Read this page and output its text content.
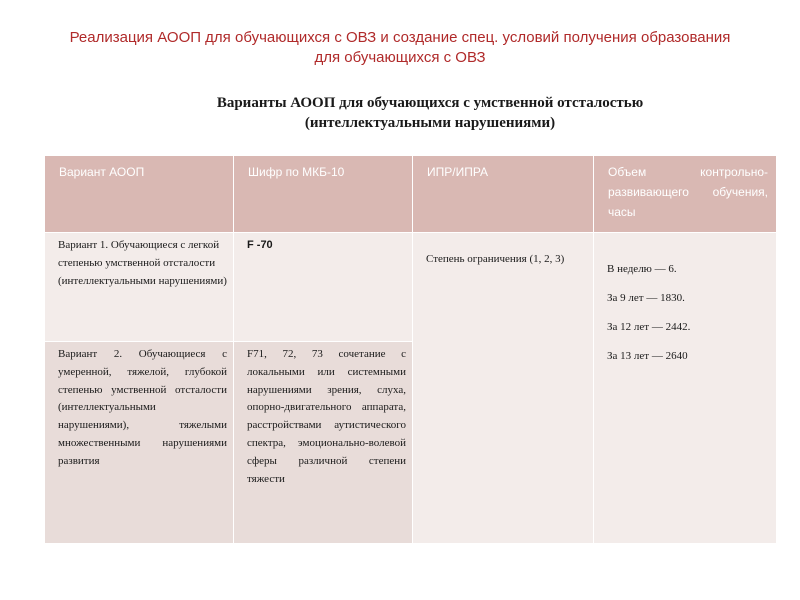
Реализация АООП для обучающихся с ОВЗ и создание спец. условий получения образования для обучающихся с ОВЗ
Варианты АООП для обучающихся с умственной отсталостью
(интеллектуальными нарушениями)
Вариант АООП	Шифр по МКБ-10	ИПР/ИПРА	Объем контрольно-развивающего обучения, часы
Вариант 1. Обучающиеся с легкой степенью умственной отсталости (интеллектуальными нарушениями)	F -70	Степень ограничения (1, 2, 3)	В неделю — 6.
За 9 лет — 1830.
За 12 лет — 2442.
За 13 лет — 2640

Вариант 2. Обучающиеся с умеренной, тяжелой, глубокой степенью умственной отсталости (интеллектуальными нарушениями), тяжелыми множественными нарушениями развития	F71, 72, 73 сочетание с локальными или системными нарушениями зрения, слуха, опорно-двигательного аппарата, расстройствами аутистического спектра, эмоционально-волевой сферы различной степени тяжести		
